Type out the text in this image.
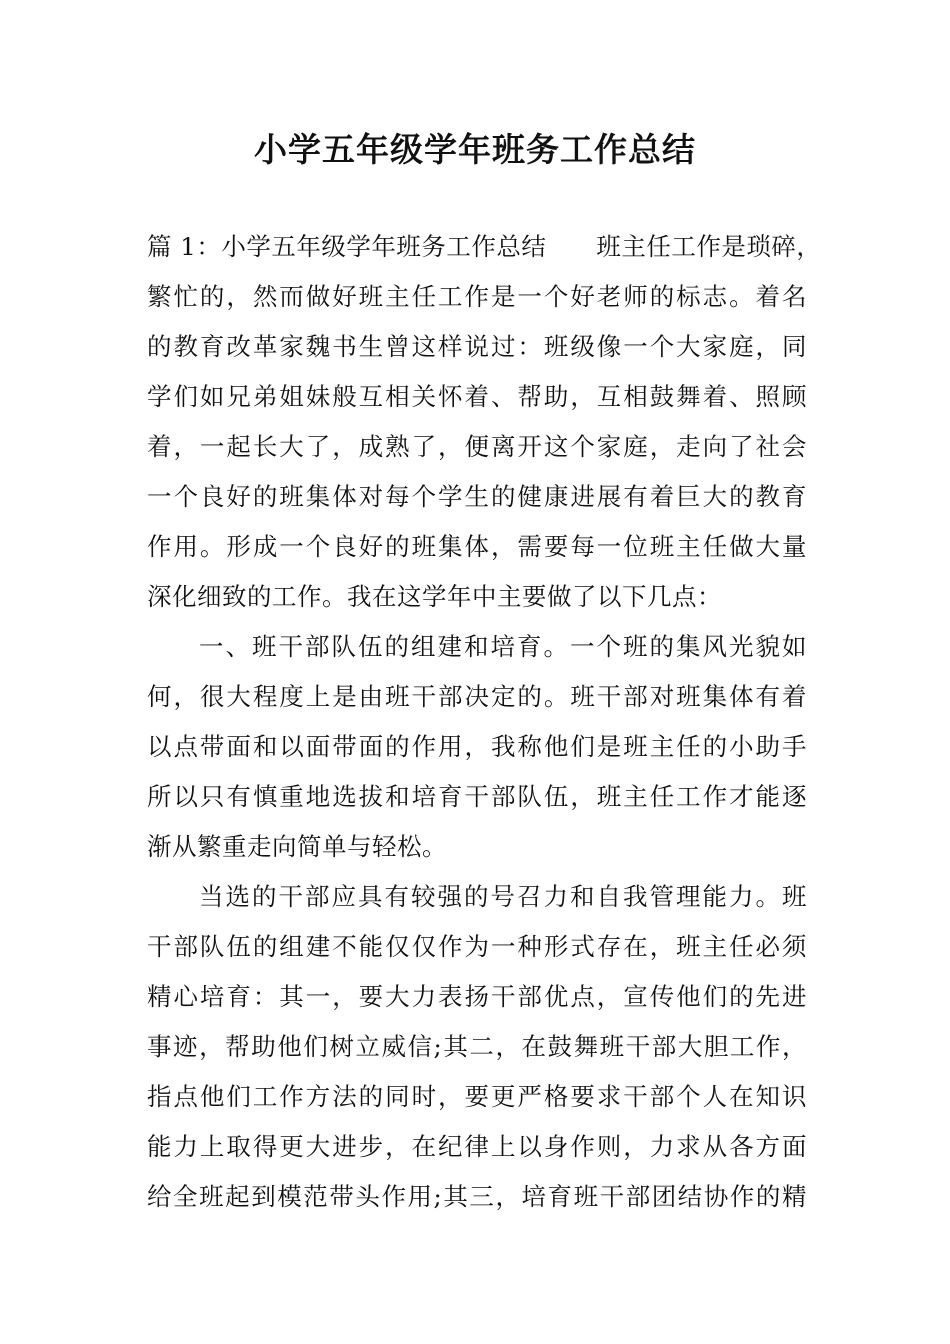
小学五年级学年班务工作总结
篇 1：小学五年级学年班务工作总结　　班主任工作是琐碎，
繁忙的，然而做好班主任工作是一个好老师的标志。着名
的教育改革家魏书生曾这样说过：班级像一个大家庭，同
学们如兄弟姐妹般互相关怀着、帮助，互相鼓舞着、照顾
着，一起长大了，成熟了，便离开这个家庭，走向了社会
一个良好的班集体对每个学生的健康进展有着巨大的教育
作用。形成一个良好的班集体，需要每一位班主任做大量
深化细致的工作。我在这学年中主要做了以下几点：
一、班干部队伍的组建和培育。一个班的集风光貌如
何，很大程度上是由班干部决定的。班干部对班集体有着
以点带面和以面带面的作用，我称他们是班主任的小助手
所以只有慎重地选拔和培育干部队伍，班主任工作才能逐
渐从繁重走向简单与轻松。
当选的干部应具有较强的号召力和自我管理能力。班
干部队伍的组建不能仅仅作为一种形式存在，班主任必须
精心培育：其一，要大力表扬干部优点，宣传他们的先进
事迹，帮助他们树立威信;其二，在鼓舞班干部大胆工作，
指点他们工作方法的同时，要更严格要求干部个人在知识
能力上取得更大进步，在纪律上以身作则，力求从各方面
给全班起到模范带头作用;其三，培育班干部团结协作的精
